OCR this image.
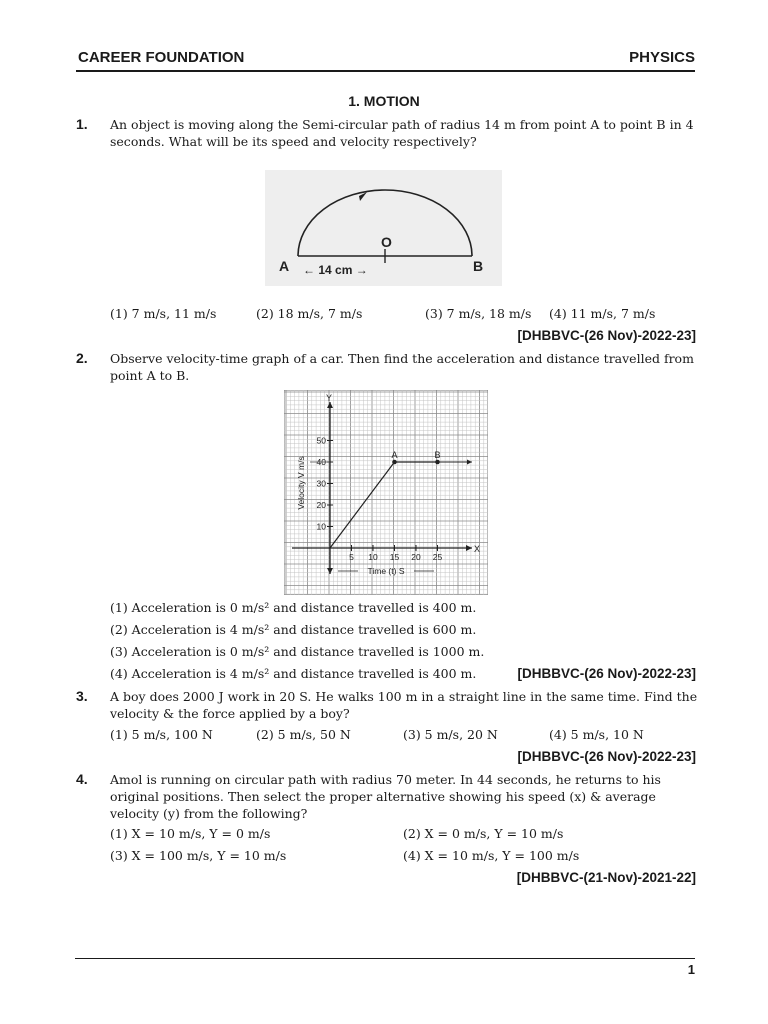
CAREER FOUNDATION	PHYSICS
1. MOTION
1. An object is moving along the Semi-circular path of radius 14 m from point A to point B in 4 seconds. What will be its speed and velocity respectively?
A	B
O
← 14 cm →
(1) 7 m/s, 11 m/s	(2) 18 m/s, 7 m/s	(3) 7 m/s, 18 m/s (4) 11 m/s, 7 m/s
[DHBBVC-(26 Nov)-2022-23]
2. Observe velocity-time graph of a car. Then find the acceleration and distance travelled from point A to B.
5 10 15 20 25
10
20
30
40
50
X
Y
A	B
Time (t) S
Velocity V m/s
(1) Acceleration is 0 m/s² and distance travelled is 400 m.
(2) Acceleration is 4 m/s² and distance travelled is 600 m.
(3) Acceleration is 0 m/s² and distance travelled is 1000 m.
(4) Acceleration is 4 m/s² and distance travelled is 400 m.	[DHBBVC-(26 Nov)-2022-23]
3. A boy does 2000 J work in 20 S. He walks 100 m in a straight line in the same time. Find the velocity & the force applied by a boy?
(1) 5 m/s, 100 N	(2) 5 m/s, 50 N	(3) 5 m/s, 20 N	(4) 5 m/s, 10 N
[DHBBVC-(26 Nov)-2022-23]
4. Amol is running on circular path with radius 70 meter. In 44 seconds, he returns to his original positions. Then select the proper alternative showing his speed (x) & average velocity (y) from the following?
(1) X = 10 m/s, Y = 0 m/s	(2) X = 0 m/s, Y = 10 m/s
(3) X = 100 m/s, Y = 10 m/s	(4) X = 10 m/s, Y = 100 m/s
[DHBBVC-(21-Nov)-2021-22]
1
